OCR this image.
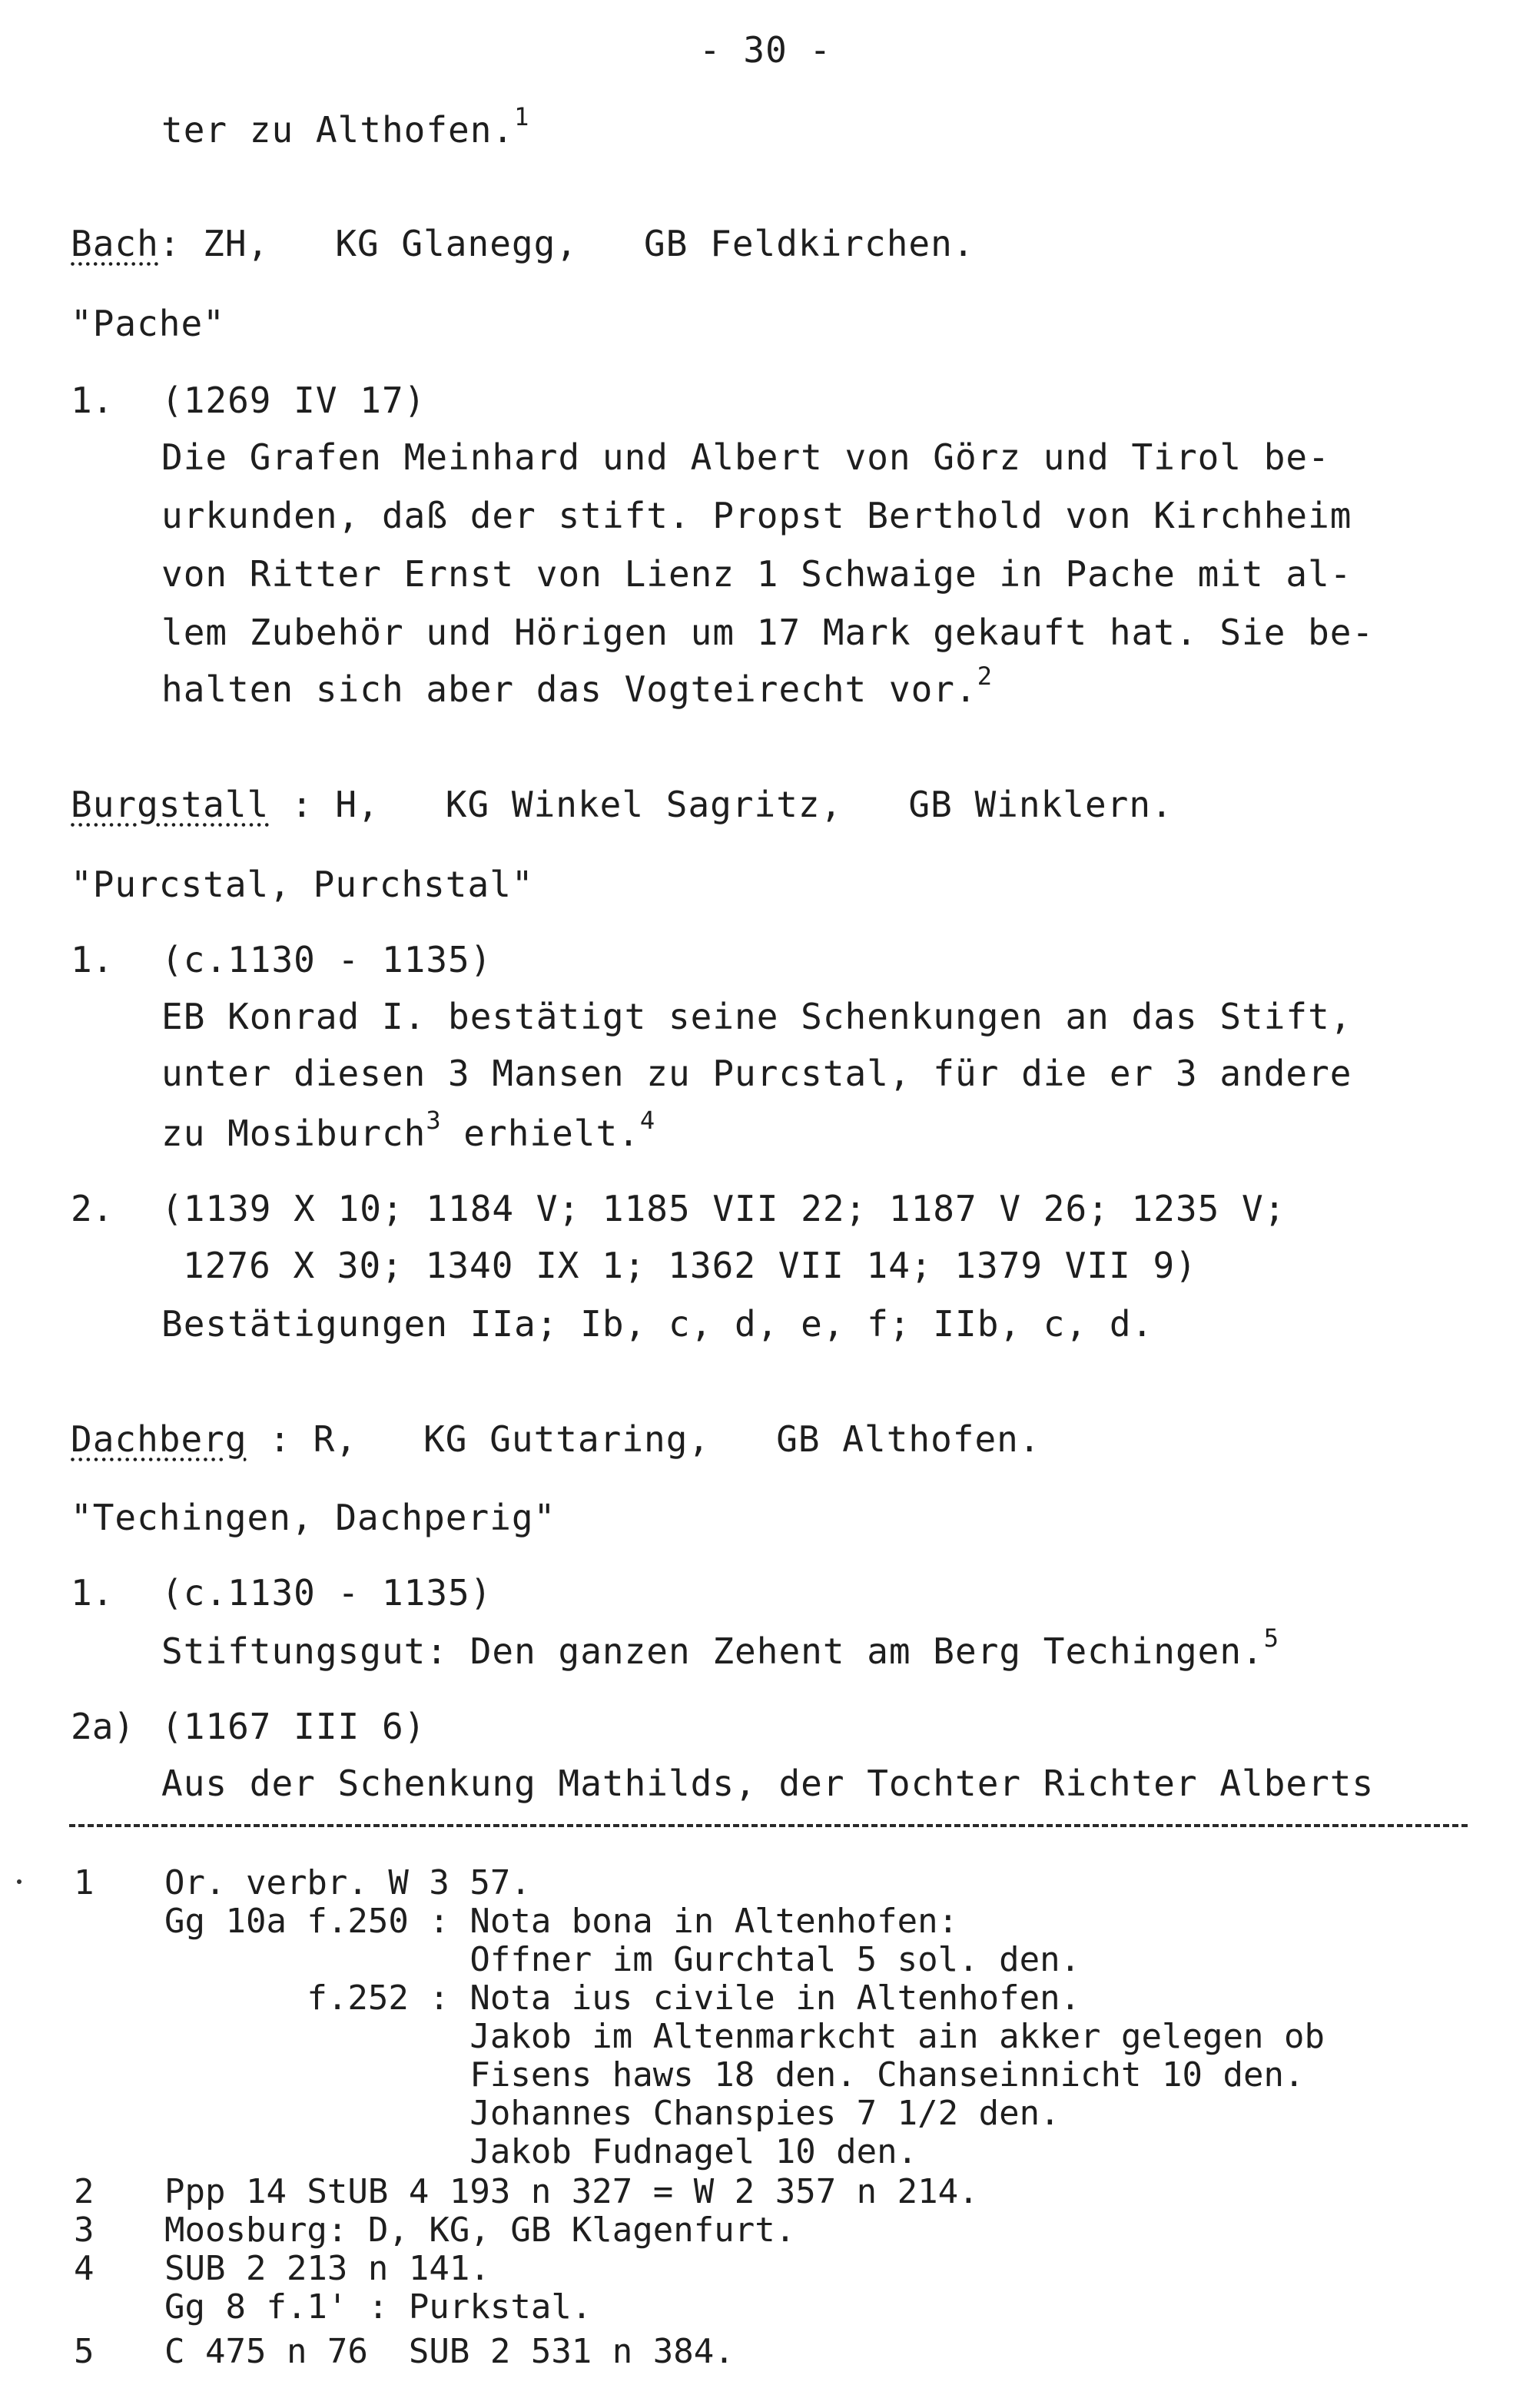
- 30 -
ter zu Althofen.$^1$
Bach: ZH,   KG Glanegg,   GB Feldkirchen.
"Pache"
1. (1269 IV 17)
Die Grafen Meinhard und Albert von Görz und Tirol be-
urkunden, daß der stift. Propst Berthold von Kirchheim
von Ritter Ernst von Lienz 1 Schwaige in Pache mit al-
lem Zubehör und Hörigen um 17 Mark gekauft hat. Sie be-
halten sich aber das Vogteirecht vor.$^2$
Burgstall : H,   KG Winkel Sagritz,   GB Winklern.
"Purcstal, Purchstal"
1. (c.1130 - 1135)
EB Konrad I. bestätigt seine Schenkungen an das Stift,
unter diesen 3 Mansen zu Purcstal, für die er 3 andere
zu Mosiburch$^3$ erhielt.$^4$
2. (1139 X 10; 1184 V; 1185 VII 22; 1187 V 26; 1235 V;
1276 X 30; 1340 IX 1; 1362 VII 14; 1379 VII 9)
Bestätigungen IIa; Ib, c, d, e, f; IIb, c, d.
Dachberg : R,   KG Guttaring,   GB Althofen.
"Techingen, Dachperig"
1. (c.1130 - 1135)
Stiftungsgut: Den ganzen Zehent am Berg Techingen.$^5$
2a) (1167 III 6)
Aus der Schenkung Mathilds, der Tochter Richter Alberts
1 Or. verbr. W 3 57.
Gg 10a f.250 : Nota bona in Altenhofen:
Offner im Gurchtal 5 sol. den.
f.252 : Nota ius civile in Altenhofen.
Jakob im Altenmarkcht ain akker gelegen ob
Fisens haws 18 den. Chanseinnicht 10 den.
Johannes Chanspies 7 1/2 den.
Jakob Fudnagel 10 den.
2 Ppp 14 StUB 4 193 n 327 = W 2 357 n 214.
3 Moosburg: D, KG, GB Klagenfurt.
4 SUB 2 213 n 141.
Gg 8 f.1' : Purkstal.
5 C 475 n 76  SUB 2 531 n 384.
